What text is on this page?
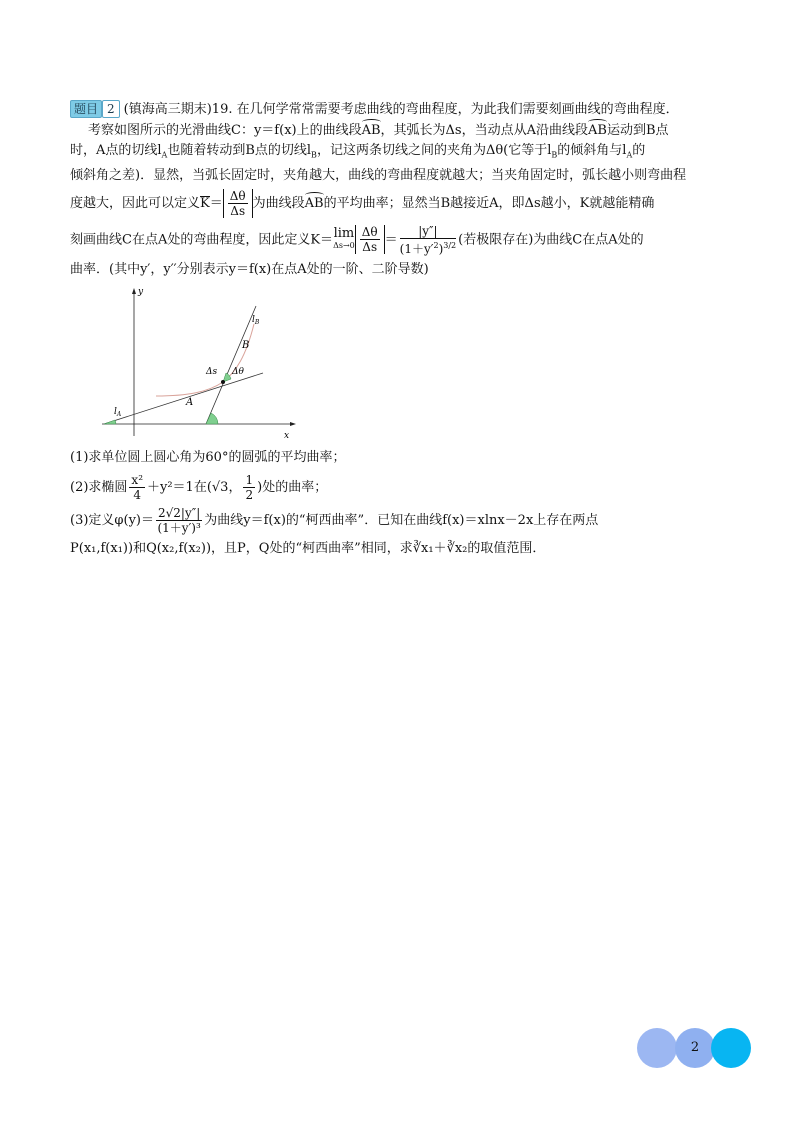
题目 2 (镇海高三期末)19. 在几何学常常需要考虑曲线的弯曲程度，为此我们需要刻画曲线的弯曲程度．
考察如图所示的光滑曲线C：y＝f(x)上的曲线段AB，其弧长为Δs，当动点从A沿曲线段AB运动到B点
时，A点的切线$l_A$也随着转动到B点的切线$l_B$，记这两条切线之间的夹角为Δθ(它等于$l_B$的倾斜角与$l_A$的
倾斜角之差)．显然，当弧长固定时，夹角越大，曲线的弯曲程度就越大；当夹角固定时，弧长越小则弯曲程
度越大，因此可以定义$K= \frac{\Delta\theta}{\Delta s}$ 为曲线段AB的平均曲率；显然当B越接近A，即Δs越小，K就越能精确
刻画曲线C在点A处的弯曲程度，因此定义K＝lim
$\Delta s\to 0 \frac{\Delta\theta}{\Delta s} = \frac{|y''|}{(1+y'^2)^{3/2}}$ (若极限存在)为曲线C在点A处的
曲率．(其中y′，y′′分别表示y＝f(x)在点A处的一阶、二阶导数)
$l_B$
B
Δs Δθ
A
$l_A$
y
x
(1)求单位圆上圆心角为60°的圆弧的平均曲率；
(2)求椭圆 $\frac{\text{x²}}{4} +y^2=1$在(√3， $\frac{1}{2}$ )处的曲率；
(3)定义$\varphi(y)= \frac{2√2|y''|}{\text{(1＋y′)³}}$ 为曲线y＝f(x)的“柯西曲率”．已知在曲线f(x)＝xlnx－2x上存在两点
P(x₁,f(x₁))和Q(x₂,f(x₂))，且P，Q处的“柯西曲率”相同，求∛x₁＋∛x₂的取值范围．
2
